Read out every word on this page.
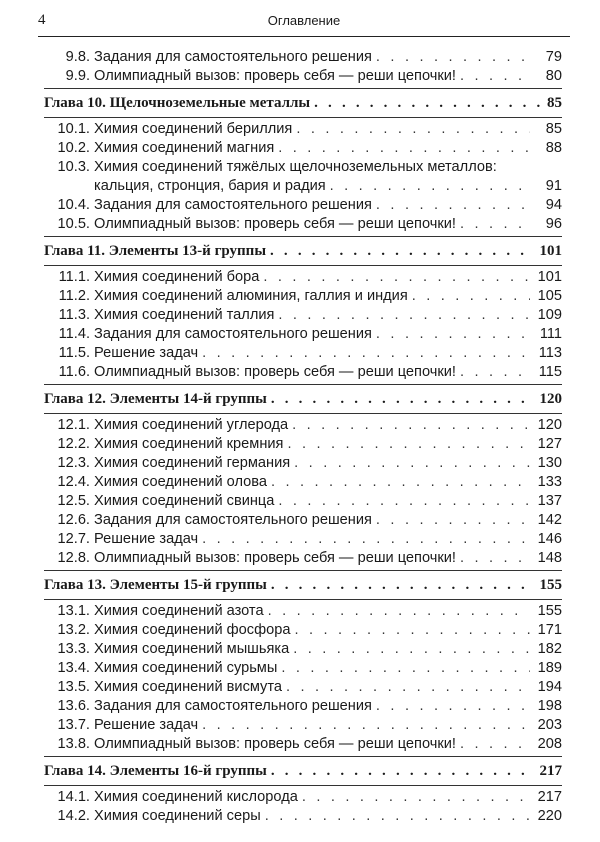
4	Оглавление
9.8. Задания для самостоятельного решения . . .	79
9.9. Олимпиадный вызов: проверь себя — реши цепочки! . . .	80
Глава 10. Щелочноземельные металлы . . .	85
10.1. Химия соединений бериллия . . .	85
10.2. Химия соединений магния . . .	88
10.3. Химия соединений тяжёлых щелочноземельных металлов:
кальция, стронция, бария и радия . . .	91
10.4. Задания для самостоятельного решения . . .	94
10.5. Олимпиадный вызов: проверь себя — реши цепочки! . . .	96
Глава 11. Элементы 13-й группы . . .	101
11.1. Химия соединений бора . . .	101
11.2. Химия соединений алюминия, галлия и индия . . .	105
11.3. Химия соединений таллия . . .	109
11.4. Задания для самостоятельного решения . . .	111
11.5. Решение задач . . .	113
11.6. Олимпиадный вызов: проверь себя — реши цепочки! . . .	115
Глава 12. Элементы 14-й группы . . .	120
12.1. Химия соединений углерода . . .	120
12.2. Химия соединений кремния . . .	127
12.3. Химия соединений германия . . .	130
12.4. Химия соединений олова . . .	133
12.5. Химия соединений свинца . . .	137
12.6. Задания для самостоятельного решения . . .	142
12.7. Решение задач . . .	146
12.8. Олимпиадный вызов: проверь себя — реши цепочки! . . .	148
Глава 13. Элементы 15-й группы . . .	155
13.1. Химия соединений азота . . .	155
13.2. Химия соединений фосфора . . .	171
13.3. Химия соединений мышьяка . . .	182
13.4. Химия соединений сурьмы . . .	189
13.5. Химия соединений висмута . . .	194
13.6. Задания для самостоятельного решения . . .	198
13.7. Решение задач . . .	203
13.8. Олимпиадный вызов: проверь себя — реши цепочки! . . .	208
Глава 14. Элементы 16-й группы . . .	217
14.1. Химия соединений кислорода . . .	217
14.2. Химия соединений серы . . .	220
